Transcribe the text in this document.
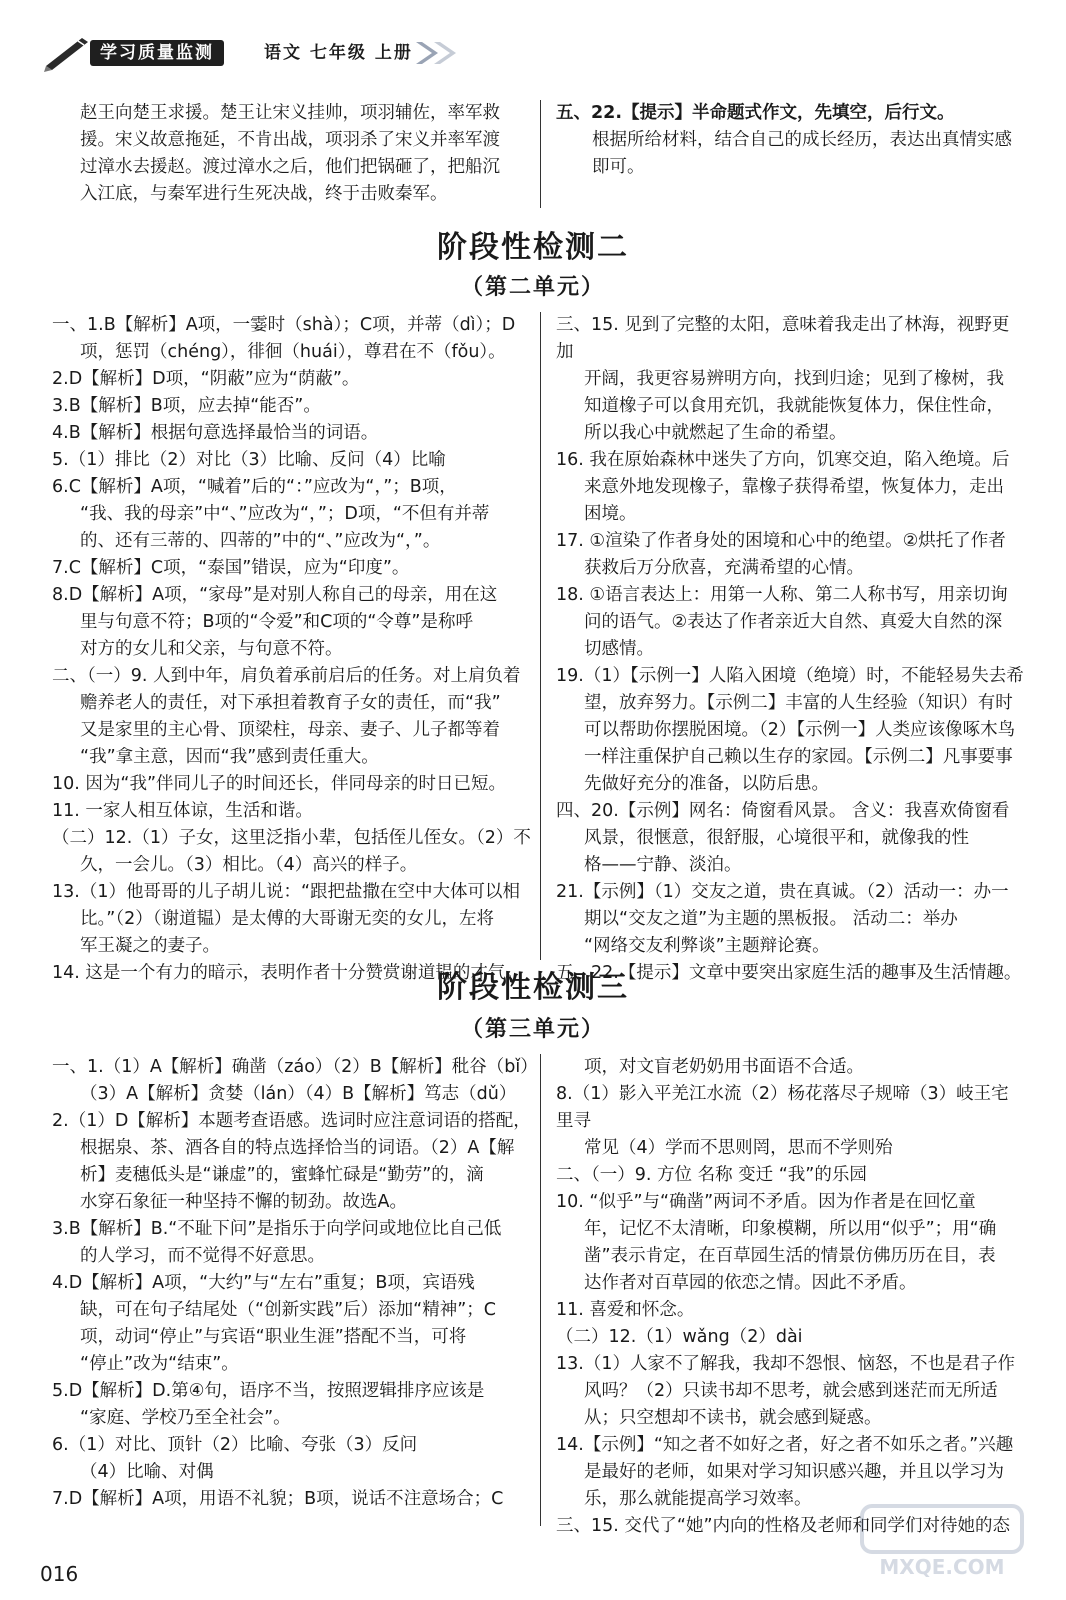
学习质量监测	语文 七年级 上册

赵王向楚王求援。楚王让宋义挂帅，项羽辅佐，率军救

援。宋义故意拖延，不肯出战，项羽杀了宋义并率军渡

过漳水去援赵。渡过漳水之后，他们把锅砸了，把船沉

入江底，与秦军进行生死决战，终于击败秦军。

五、22.【提示】半命题式作文，先填空，后行文。

根据所给材料，结合自己的成长经历，表达出真情实感

即可。

阶段性检测二
（第二单元）

一、1.B【解析】A项，一霎时（shà）；C项，并蒂（dì）；D

项，惩罚（chéng），徘徊（huái），尊君在不（fǒu）。

2.D【解析】D项，“阴蔽”应为“荫蔽”。

3.B【解析】B项，应去掉“能否”。

4.B【解析】根据句意选择最恰当的词语。

5.（1）排比（2）对比（3）比喻、反问（4）比喻

6.C【解析】A项，“喊着”后的“：”应改为“，”；B项，

“我、我的母亲”中“、”应改为“，”；D项，“不但有并蒂

的、还有三蒂的、四蒂的”中的“、”应改为“，”。

7.C【解析】C项，“泰国”错误，应为“印度”。

8.D【解析】A项，“家母”是对别人称自己的母亲，用在这

里与句意不符；B项的“令爱”和C项的“令尊”是称呼

对方的女儿和父亲，与句意不符。

二、（一）9. 人到中年，肩负着承前启后的任务。对上肩负着

赡养老人的责任，对下承担着教育子女的责任，而“我”

又是家里的主心骨、顶梁柱，母亲、妻子、儿子都等着

“我”拿主意，因而“我”感到责任重大。

10. 因为“我”伴同儿子的时间还长，伴同母亲的时日已短。

11. 一家人相互体谅，生活和谐。

（二）12.（1）子女，这里泛指小辈，包括侄儿侄女。（2）不

久，一会儿。（3）相比。（4）高兴的样子。

13.（1）他哥哥的儿子胡儿说：“跟把盐撒在空中大体可以相

比。”（2）（谢道韫）是太傅的大哥谢无奕的女儿，左将

军王凝之的妻子。

14. 这是一个有力的暗示，表明作者十分赞赏谢道韫的才气。

三、15. 见到了完整的太阳，意味着我走出了林海，视野更加

开阔，我更容易辨明方向，找到归途；见到了橡树，我

知道橡子可以食用充饥，我就能恢复体力，保住性命，

所以我心中就燃起了生命的希望。

16. 我在原始森林中迷失了方向，饥寒交迫，陷入绝境。后

来意外地发现橡子，靠橡子获得希望，恢复体力，走出

困境。

17. ①渲染了作者身处的困境和心中的绝望。②烘托了作者

获救后万分欣喜，充满希望的心情。

18. ①语言表达上：用第一人称、第二人称书写，用亲切询

问的语气。②表达了作者亲近大自然、真爱大自然的深

切感情。

19.（1）【示例一】人陷入困境（绝境）时，不能轻易失去希

望，放弃努力。【示例二】丰富的人生经验（知识）有时

可以帮助你摆脱困境。（2）【示例一】人类应该像啄木鸟

一样注重保护自己赖以生存的家园。【示例二】凡事要事

先做好充分的准备，以防后患。

四、20.【示例】网名：倚窗看风景。 含义：我喜欢倚窗看

风景，很惬意，很舒服，心境很平和，就像我的性

格——宁静、淡泊。

21.【示例】（1）交友之道，贵在真诚。（2）活动一：办一

期以“交友之道”为主题的黑板报。 活动二：举办

“网络交友利弊谈”主题辩论赛。

五、22.【提示】文章中要突出家庭生活的趣事及生活情趣。

阶段性检测三
（第三单元）

一、1.（1）A【解析】确凿（záo）（2）B【解析】秕谷（bǐ）

（3）A【解析】贪婪（lán）（4）B【解析】笃志（dǔ）

2.（1）D【解析】本题考查语感。选词时应注意词语的搭配，

根据泉、茶、酒各自的特点选择恰当的词语。（2）A【解

析】麦穗低头是“谦虚”的，蜜蜂忙碌是“勤劳”的，滴

水穿石象征一种坚持不懈的韧劲。故选A。

3.B【解析】B.“不耻下问”是指乐于向学问或地位比自己低

的人学习，而不觉得不好意思。

4.D【解析】A项，“大约”与“左右”重复；B项，宾语残

缺，可在句子结尾处（“创新实践”后）添加“精神”；C

项，动词“停止”与宾语“职业生涯”搭配不当，可将

“停止”改为“结束”。

5.D【解析】D.第④句，语序不当，按照逻辑排序应该是

“家庭、学校乃至全社会”。

6.（1）对比、顶针（2）比喻、夸张（3）反问

（4）比喻、对偶

7.D【解析】A项，用语不礼貌；B项，说话不注意场合；C

项，对文盲老奶奶用书面语不合适。

8.（1）影入平羌江水流（2）杨花落尽子规啼（3）岐王宅里寻

常见（4）学而不思则罔，思而不学则殆

二、（一）9. 方位 名称 变迁 “我”的乐园

10. “似乎”与“确凿”两词不矛盾。因为作者是在回忆童

年，记忆不太清晰，印象模糊，所以用“似乎”；用“确

凿”表示肯定，在百草园生活的情景仿佛历历在目，表

达作者对百草园的依恋之情。因此不矛盾。

11. 喜爱和怀念。

（二）12.（1）wǎng（2）dài

13.（1）人家不了解我，我却不怨恨、恼怒，不也是君子作

风吗？（2）只读书却不思考，就会感到迷茫而无所适

从；只空想却不读书，就会感到疑惑。

14.【示例】“知之者不如好之者，好之者不如乐之者。”兴趣

是最好的老师，如果对学习知识感兴趣，并且以学习为

乐，那么就能提高学习效率。

三、15. 交代了“她”内向的性格及老师和同学们对待她的态

016	MXQE.COM
